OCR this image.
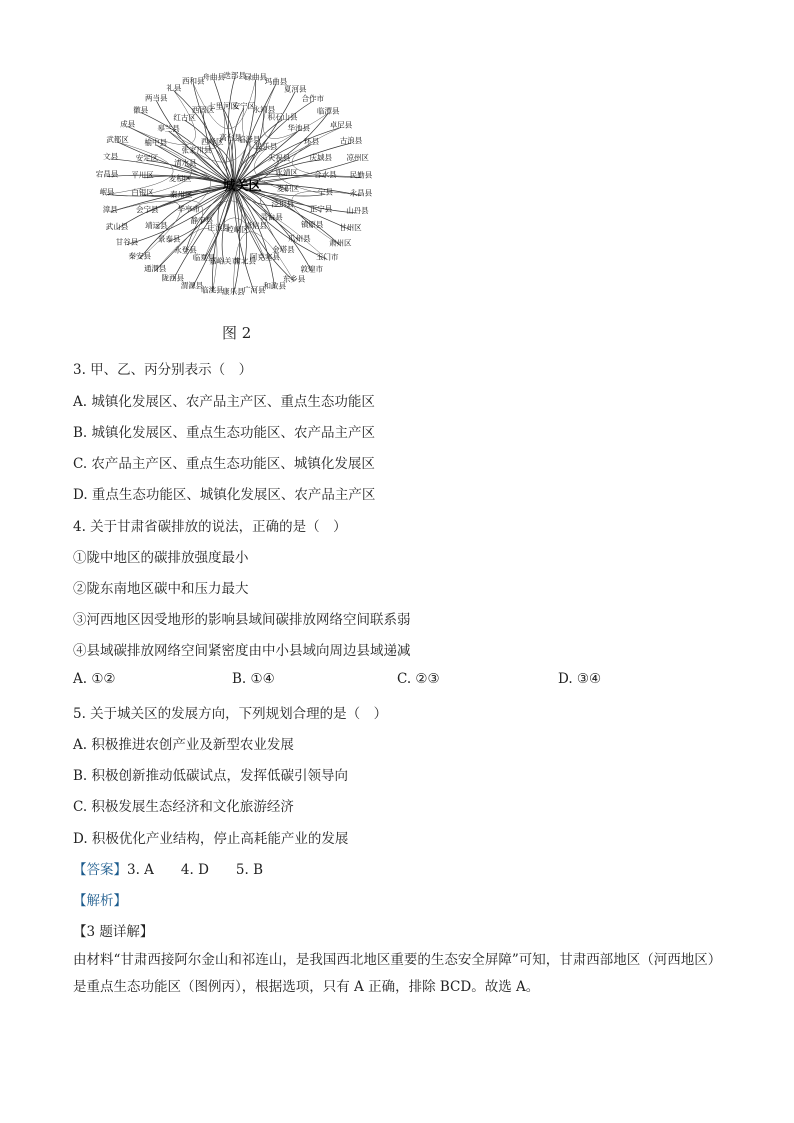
东乡县
和政县
广河县
康乐县
临洮县
渭源县
陇西县
通渭县
秦安县
甘谷县
武山县
漳县
岷县
宕昌县
文县
武都区
成县
徽县
两当县
礼县
西和县
舟曲县
迭部县
碌曲县
玛曲县
夏河县
合作市
临潭县
卓尼县
古浪县
凉州区
民勤县
永昌县
山丹县
甘州区
肃州区
玉门市
敦煌市
瓜州县
金塔县
阿克塞县
肃北县
嘉峪关市
临夏县
永登县
景泰县
靖远县
会宁县
白银区
平川区
安定区
榆中县
皋兰县
红古区
西固区
七里河区
安宁区
永靖县
积石山县
华池县
环县
庆城县
合水县
宁县
正宁县
镇原县
泾川县
灵台县
崇信县
崆峒区
庄浪县
静宁县
华亭市
秦州区
麦积区
清水县
张家川县
西峰区
高台县
临泽县
民乐县
天祝县
永靖区
麦积区
城关区
图 2
3. 甲、乙、丙分别表示（　）
A. 城镇化发展区、农产品主产区、重点生态功能区
B. 城镇化发展区、重点生态功能区、农产品主产区
C. 农产品主产区、重点生态功能区、城镇化发展区
D. 重点生态功能区、城镇化发展区、农产品主产区
4. 关于甘肃省碳排放的说法，正确的是（　）
①陇中地区的碳排放强度最小
②陇东南地区碳中和压力最大
③河西地区因受地形的影响县域间碳排放网络空间联系弱
④县域碳排放网络空间紧密度由中小县域向周边县域递减
A. ①②	B. ①④	C. ②③	D. ③④
5. 关于城关区的发展方向，下列规划合理的是（　）
A. 积极推进农创产业及新型农业发展
B. 积极创新推动低碳试点，发挥低碳引领导向
C. 积极发展生态经济和文化旅游经济
D. 积极优化产业结构，停止高耗能产业的发展
【答案】3. A　　4. D　　5. B
【解析】
【3 题详解】
由材料“甘肃西接阿尔金山和祁连山，是我国西北地区重要的生态安全屏障”可知，甘肃西部地区（河西地区）是重点生态功能区（图例丙），根据选项，只有 A 正确，排除 BCD。故选 A。
